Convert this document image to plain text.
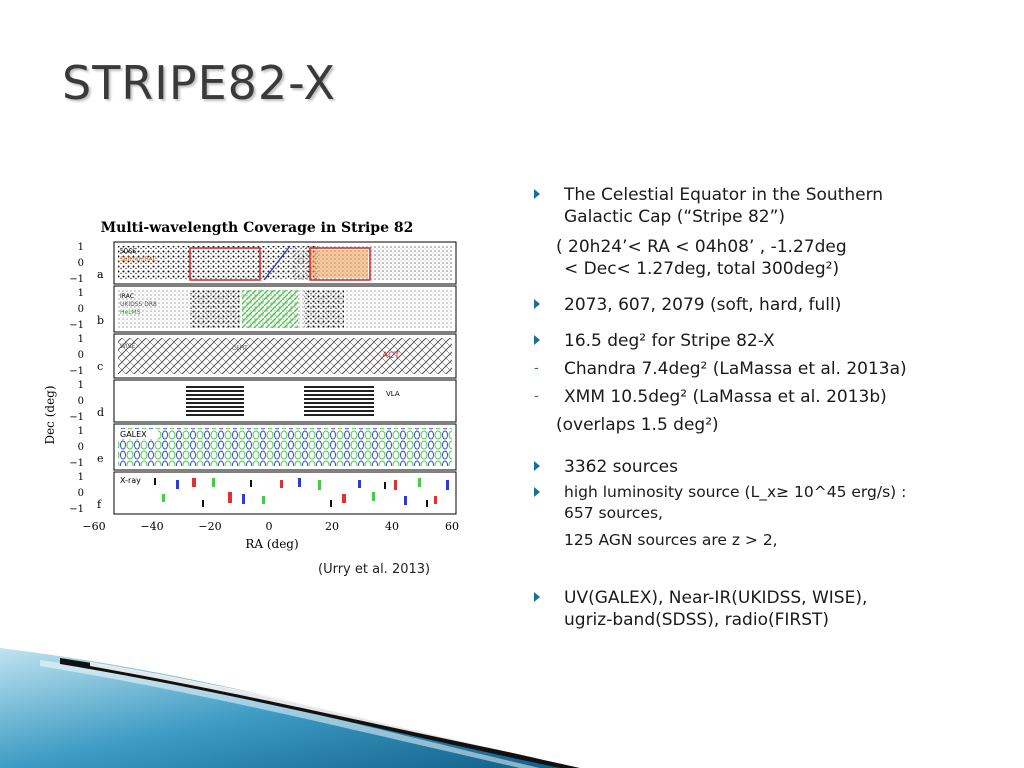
STRIPE82-X
Multi-wavelength Coverage in Stripe 82
Dec (deg)
a
SDSS
Spitzer/IRAC
b
IRAC
UKIDSS DR8
HeLMS
c
WISE	CFHT
ACT
d
VLA
e
GALEX
f
X-ray
1
0
−1
1
0
−1
1
0
−1
1
0
−1
1
0
−1
1
0
−1
−60	−40	−20	0	20	40	60
RA (deg)
(Urry et al. 2013)
The Celestial Equator in the Southern
Galactic Cap (“Stripe 82”)
( 20h24’< RA < 04h08’ , -1.27deg
< Dec< 1.27deg, total 300deg²)
2073, 607, 2079 (soft, hard, full)
16.5 deg² for Stripe 82-X
- Chandra 7.4deg² (LaMassa et al. 2013a)
- XMM 10.5deg² (LaMassa et al. 2013b)
(overlaps 1.5 deg²)
3362 sources
high luminosity source (L_x≥ 10^45 erg/s) :
657 sources,
125 AGN sources are z > 2,
UV(GALEX), Near-IR(UKIDSS, WISE),
ugriz-band(SDSS), radio(FIRST)
